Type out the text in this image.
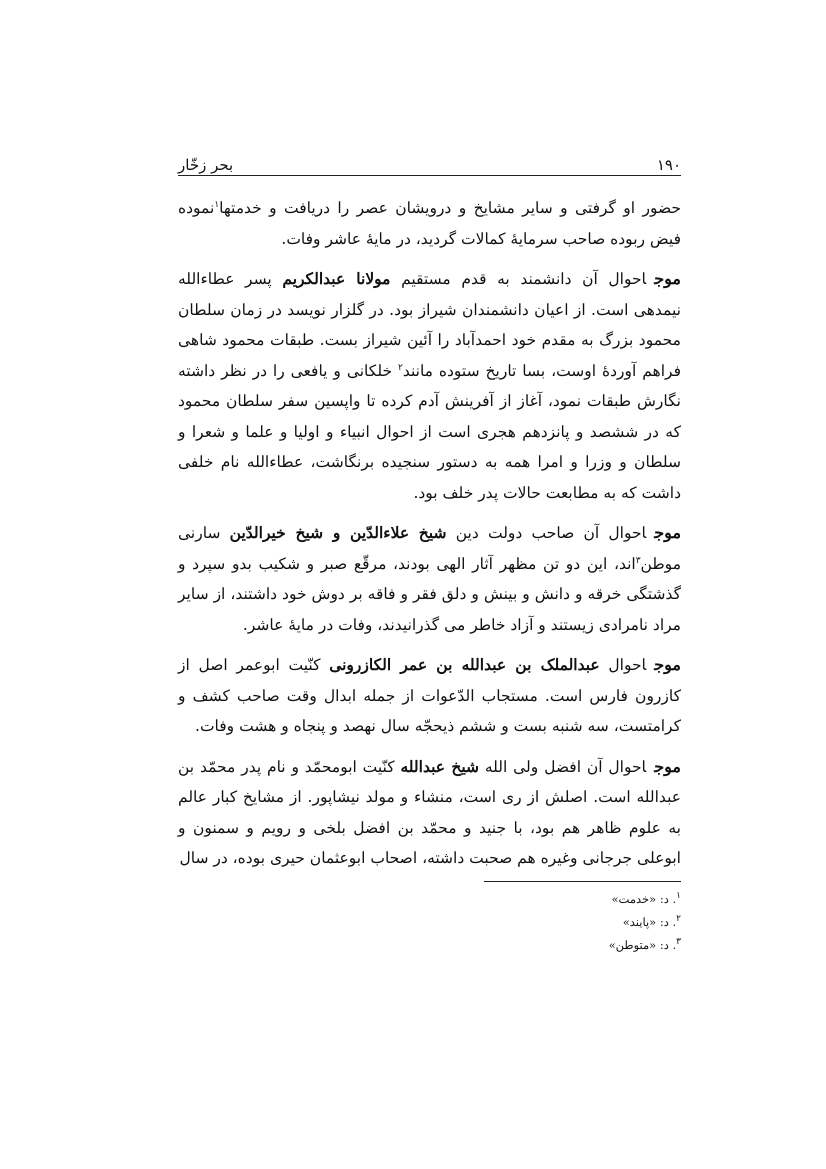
۱۹۰
بحر زخّار

حضور او گرفتی و سایر مشایخ و درویشان عصر را دریافت و خدمتها$^۱$نموده فیض ربوده صاحب سرمایهٔ کمالات گردید، در مایهٔ عاشر وفات.

موجاحوال آن دانشمند به قدم مستقیم مولانا عبدالکریم پسر عطاءالله نیمدهی است. از اعیان دانشمندان شیراز بود. در گلزار نویسد در زمان سلطان محمود بزرگ به مقدم خود احمدآباد را آئین شیراز بست. طبقات محمود شاهی فراهم آوردهٔ اوست، بسا تاریخ ستوده مانند$^۲$ خلکانی و یافعی را در نظر داشته نگارش طبقات نمود، آغاز از آفرینش آدم کرده تا واپسین سفر سلطان محمود که در ششصد و پانزدهم هجری است از احوال انبیاء و اولیا و علما و شعرا و سلطان و وزرا و امرا همه به دستور سنجیده برنگاشت، عطاءالله نام خلفی داشت که به مطابعت حالات پدر خلف بود.

موجاحوال آن صاحب دولت دین شیخ علاءالدّین و شیخ خیرالدّین سارنی موطن$^۳$اند، این دو تن مظهر آثار الهی بودند، مرقّع صبر و شکیب بدو سپرد و گذشتگی خرقه و دانش و بینش و دلق فقر و فاقه بر دوش خود داشتند، از سایر مراد نامرادی زیستند و آزاد خاطر می گذرانیدند، وفات در مایهٔ عاشر.

موجاحوال عبدالملک بن عبدالله بن عمر الکازرونی کنّیت ابوعمر اصل از کازرون فارس است. مستجاب الدّعوات از جمله ابدال وقت صاحب کشف و کرامتست، سه شنبه بست و ششم ذیحجّه سال نهصد و پنجاه و هشت وفات.

موجاحوال آن افضل ولی الله شیخ عبدالله کنّیت ابومحمّد و نام پدر محمّد بن عبدالله است. اصلش از ری است، منشاء و مولد نیشاپور. از مشایخ کبار عالم به علوم ظاهر هم بود، با جنید و محمّد بن افضل بلخی و رویم و سمنون و ابوعلی جرجانی وغیره هم صحبت داشته، اصحاب ابوعثمان حیری بوده، در سال

$^۱$. د: «خدمت»
$^۲$. د: «پایند»
$^۳$. د: «متوطن»
